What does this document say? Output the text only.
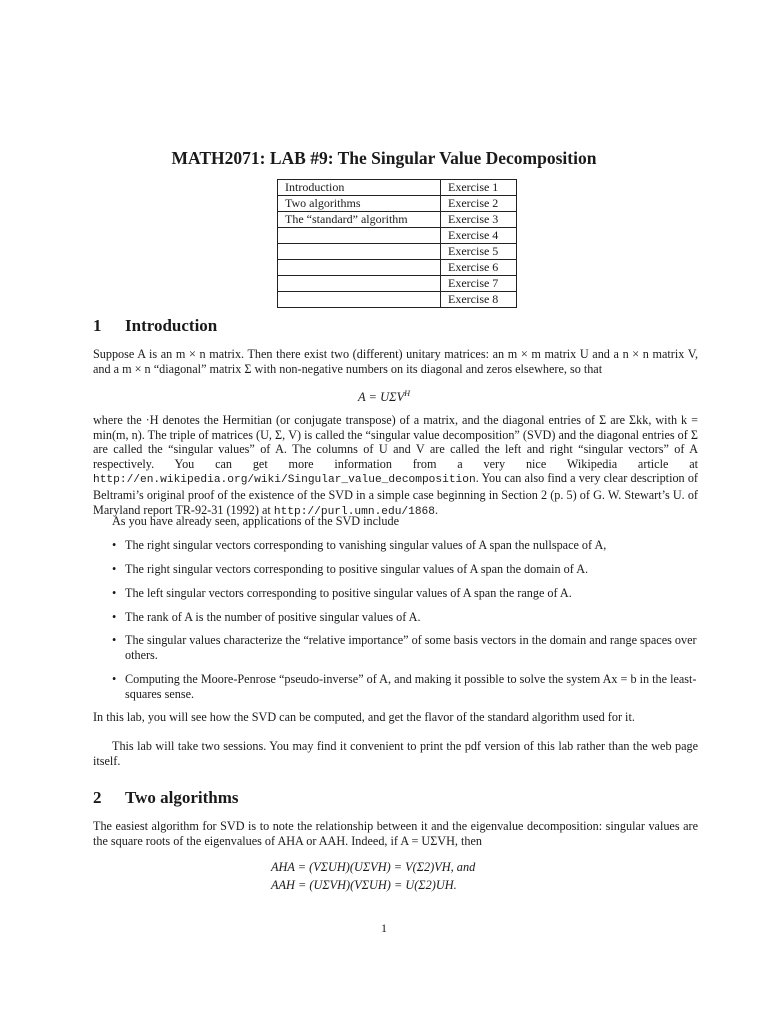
MATH2071: LAB #9: The Singular Value Decomposition
Introduction	Exercise 1
Two algorithms	Exercise 2
The “standard” algorithm	Exercise 3
	Exercise 4
	Exercise 5
	Exercise 6
	Exercise 7
	Exercise 8
1 Introduction
Suppose A is an m × n matrix. Then there exist two (different) unitary matrices: an m × m matrix U and a n × n matrix V, and a m × n “diagonal” matrix Σ with non-negative numbers on its diagonal and zeros elsewhere, so that
$A = U\Sigma V^H$
where the ·H denotes the Hermitian (or conjugate transpose) of a matrix, and the diagonal entries of Σ are Σkk, with k = min(m, n). The triple of matrices (U, Σ, V) is called the “singular value decomposition” (SVD) and the diagonal entries of Σ are called the “singular values” of A. The columns of U and V are called the left and right “singular vectors” of A respectively. You can get more information from a very nice Wikipedia article at http://en.wikipedia.org/wiki/Singular_value_decomposition. You can also find a very clear description of Beltrami’s original proof of the existence of the SVD in a simple case beginning in Section 2 (p. 5) of G. W. Stewart’s U. of Maryland report TR-92-31 (1992) at http://purl.umn.edu/1868.
As you have already seen, applications of the SVD include
• The right singular vectors corresponding to vanishing singular values of A span the nullspace of A,
• The right singular vectors corresponding to positive singular values of A span the domain of A.
• The left singular vectors corresponding to positive singular values of A span the range of A.
• The rank of A is the number of positive singular values of A.
• The singular values characterize the “relative importance” of some basis vectors in the domain and range spaces over others.
• Computing the Moore-Penrose “pseudo-inverse” of A, and making it possible to solve the system Ax = b in the least-squares sense.
In this lab, you will see how the SVD can be computed, and get the flavor of the standard algorithm used for it.
This lab will take two sessions. You may find it convenient to print the pdf version of this lab rather than the web page itself.
2 Two algorithms
The easiest algorithm for SVD is to note the relationship between it and the eigenvalue decomposition: singular values are the square roots of the eigenvalues of AHA or AAH. Indeed, if A = UΣVH, then
AHA = (VΣUH)(UΣVH) = V(Σ2)VH, and
AAH = (UΣVH)(VΣUH) = U(Σ2)UH.
1
